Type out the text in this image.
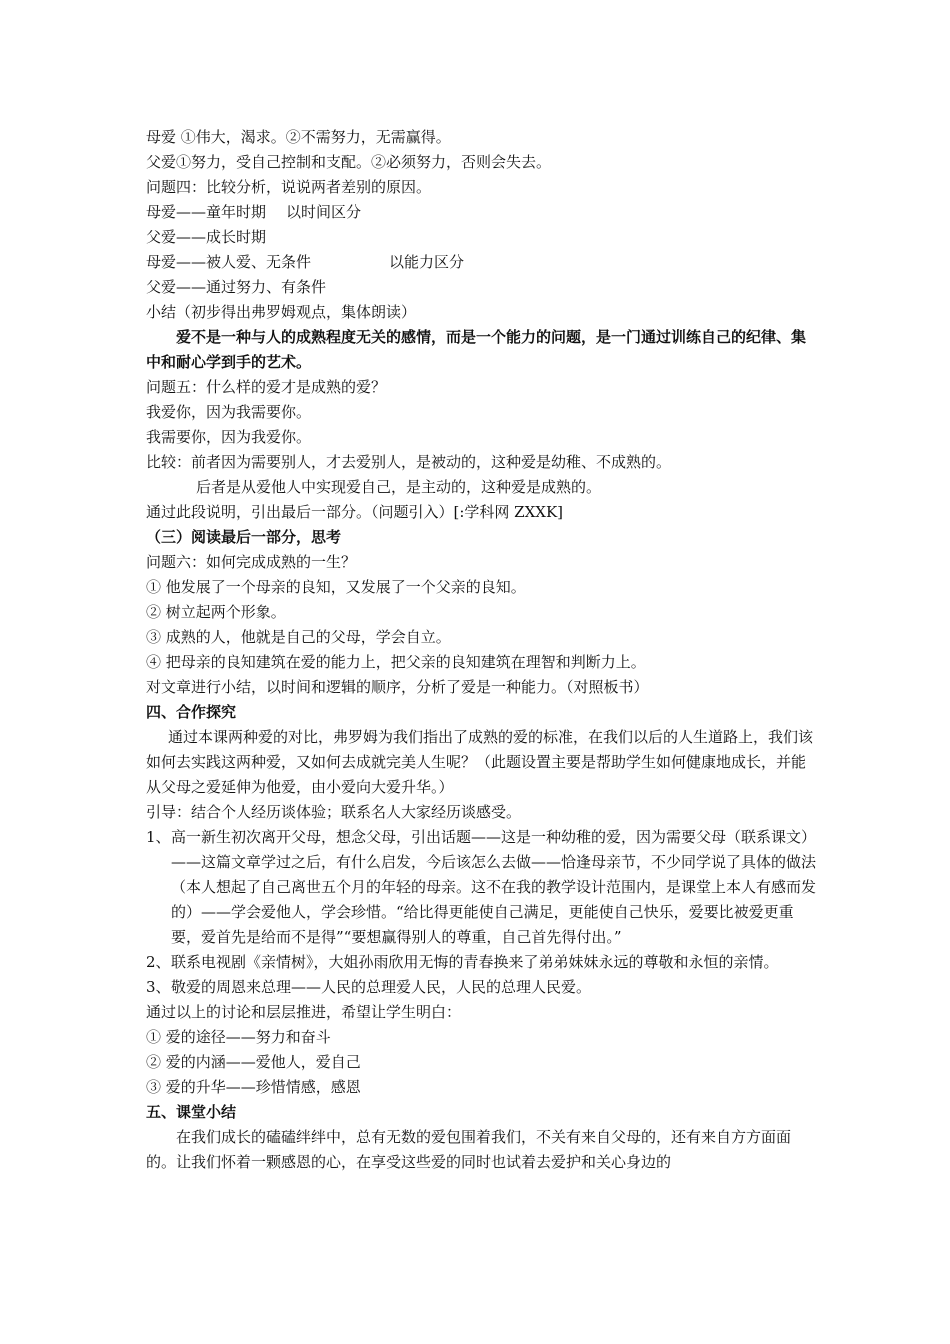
母爱 ①伟大，渴求。②不需努力，无需赢得。
父爱①努力，受自己控制和支配。②必须努力，否则会失去。
问题四：比较分析，说说两者差别的原因。
母爱——童年时期 以时间区分
父爱——成长时期
母爱——被人爱、无条件	以能力区分
父爱——通过努力、有条件
小结（初步得出弗罗姆观点，集体朗读）
爱不是一种与人的成熟程度无关的感情，而是一个能力的问题，是一门通过训练自己的纪律、集中和耐心学到手的艺术。
问题五：什么样的爱才是成熟的爱？
我爱你，因为我需要你。
我需要你，因为我爱你。
比较：前者因为需要别人，才去爱别人，是被动的，这种爱是幼稚、不成熟的。
后者是从爱他人中实现爱自己，是主动的，这种爱是成熟的。
通过此段说明，引出最后一部分。（问题引入）[:学科网 ZXXK]
（三）阅读最后一部分，思考
问题六：如何完成成熟的一生？
① 他发展了一个母亲的良知，又发展了一个父亲的良知。
② 树立起两个形象。
③ 成熟的人，他就是自己的父母，学会自立。
④ 把母亲的良知建筑在爱的能力上，把父亲的良知建筑在理智和判断力上。
对文章进行小结，以时间和逻辑的顺序，分析了爱是一种能力。（对照板书）
四、合作探究
通过本课两种爱的对比，弗罗姆为我们指出了成熟的爱的标准，在我们以后的人生道路上，我们该如何去实践这两种爱，又如何去成就完美人生呢？（此题设置主要是帮助学生如何健康地成长，并能从父母之爱延伸为他爱，由小爱向大爱升华。）
引导：结合个人经历谈体验；联系名人大家经历谈感受。
1、 高一新生初次离开父母，想念父母，引出话题——这是一种幼稚的爱，因为需要父母（联系课文）——这篇文章学过之后，有什么启发，今后该怎么去做——恰逢母亲节，不少同学说了具体的做法（本人想起了自己离世五个月的年轻的母亲。这不在我的教学设计范围内，是课堂上本人有感而发的）——学会爱他人，学会珍惜。“给比得更能使自己满足，更能使自己快乐，爱要比被爱更重要，爱首先是给而不是得”“要想赢得别人的尊重，自己首先得付出。”
2、 联系电视剧《亲情树》，大姐孙雨欣用无悔的青春换来了弟弟妹妹永远的尊敬和永恒的亲情。
3、 敬爱的周恩来总理——人民的总理爱人民，人民的总理人民爱。
通过以上的讨论和层层推进，希望让学生明白：
① 爱的途径——努力和奋斗
② 爱的内涵——爱他人，爱自己
③ 爱的升华——珍惜情感，感恩
五、课堂小结
在我们成长的磕磕绊绊中，总有无数的爱包围着我们，不关有来自父母的，还有来自方方面面的。让我们怀着一颗感恩的心，在享受这些爱的同时也试着去爱护和关心身边的
